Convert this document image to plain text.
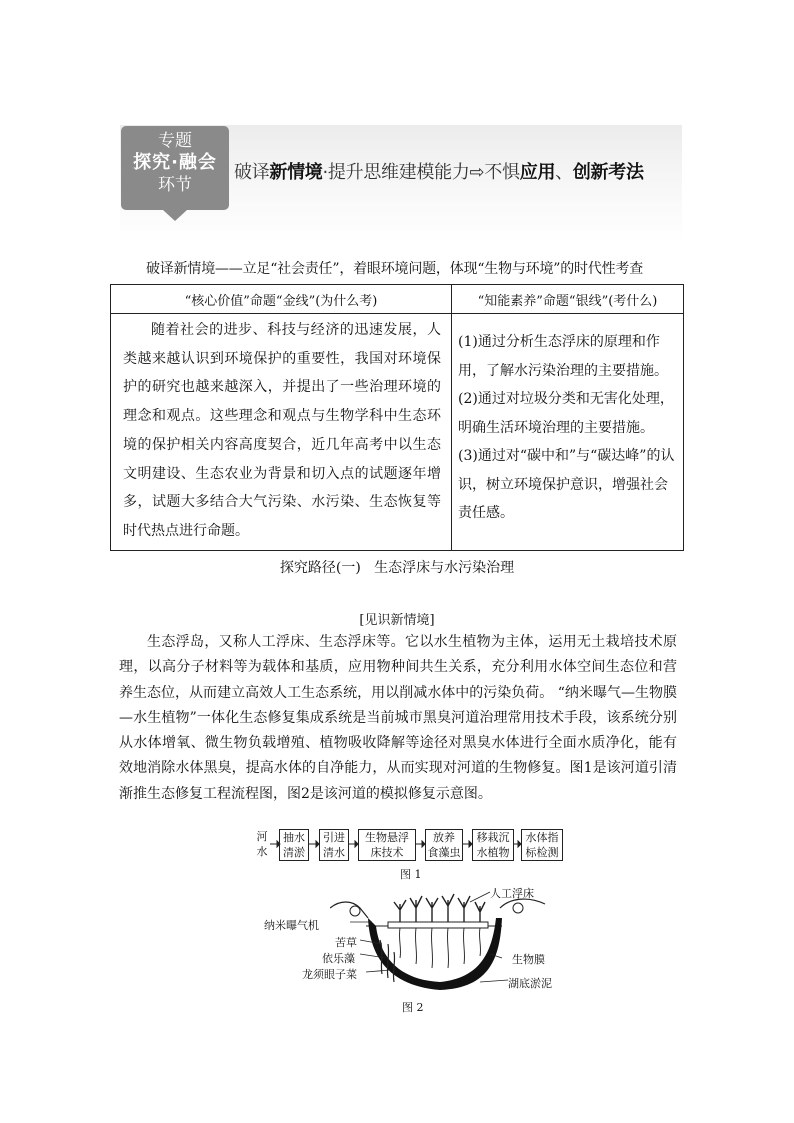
专题
探究·融会
环节
破译新情境·提升思维建模能力⇨不惧应用、创新考法
破译新情境——立足“社会责任”，着眼环境问题，体现“生物与环境”的时代性考查
“核心价值”命题“金线”(为什么考)	“知能素养”命题“银线”(考什么)
随着社会的进步、科技与经济的迅速发展，人类越来越认识到环境保护的重要性，我国对环境保护的研究也越来越深入，并提出了一些治理环境的理念和观点。这些理念和观点与生物学科中生态环境的保护相关内容高度契合，近几年高考中以生态文明建设、生态农业为背景和切入点的试题逐年增多，试题大多结合大气污染、水污染、生态恢复等时代热点进行命题。	(1)通过分析生态浮床的原理和作用，了解水污染治理的主要措施。
(2)通过对垃圾分类和无害化处理，明确生活环境治理的主要措施。
(3)通过对“碳中和”与“碳达峰”的认识，树立环境保护意识，增强社会责任感。
探究路径(一)   生态浮床与水污染治理
[见识新情境]
生态浮岛，又称人工浮床、生态浮床等。它以水生植物为主体，运用无土栽培技术原理，以高分子材料等为载体和基质，应用物种间共生关系，充分利用水体空间生态位和营养生态位，从而建立高效人工生态系统，用以削减水体中的污染负荷。 “纳米曝气—生物膜—水生植物”一体化生态修复集成系统是当前城市黑臭河道治理常用技术手段，该系统分别从水体增氧、微生物负载增殖、植物吸收降解等途径对黑臭水体进行全面水质净化，能有效地消除水体黑臭，提高水体的自净能力，从而实现对河道的生物修复。图1是该河道引清渐推生态修复工程流程图，图2是该河道的模拟修复示意图。
河
水
抽水
清淤
引进
清水
生物悬浮
床技术
放养
食藻虫
移栽沉
水植物
水体指
标检测
图 1
人工浮床
纳米曝气机
苦草
依乐藻
龙须眼子菜
生物膜
湖底淤泥
图 2
